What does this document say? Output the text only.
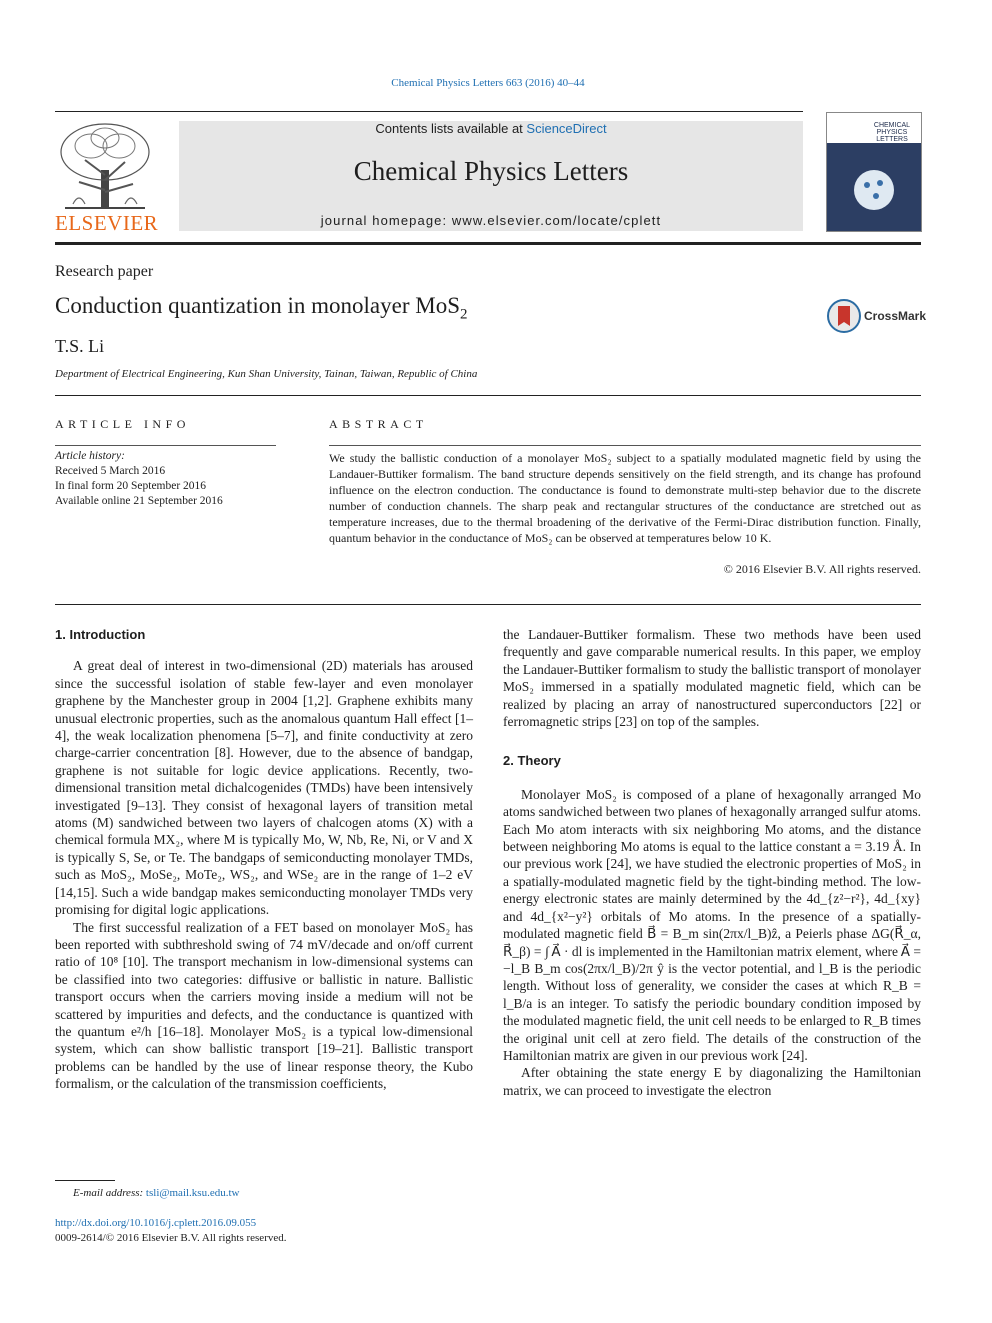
Chemical Physics Letters 663 (2016) 40–44
ELSEVIER
Contents lists available at ScienceDirect
Chemical Physics Letters
journal homepage: www.elsevier.com/locate/cplett
CHEMICAL PHYSICS LETTERS
Research paper
Conduction quantization in monolayer MoS$_2$
T.S. Li
Department of Electrical Engineering, Kun Shan University, Tainan, Taiwan, Republic of China
CrossMark
ARTICLE INFO
Article history:
Received 5 March 2016
In final form 20 September 2016
Available online 21 September 2016
ABSTRACT
We study the ballistic conduction of a monolayer MoS₂ subject to a spatially modulated magnetic field by using the Landauer-Buttiker formalism. The band structure depends sensitively on the field strength, and its change has profound influence on the electron conduction. The conductance is found to demonstrate multi-step behavior due to the discrete number of conduction channels. The sharp peak and rectangular structures of the conductance are stretched out as temperature increases, due to the thermal broadening of the derivative of the Fermi-Dirac distribution function. Finally, quantum behavior in the conductance of MoS₂ can be observed at temperatures below 10 K.
© 2016 Elsevier B.V. All rights reserved.
1. Introduction

A great deal of interest in two-dimensional (2D) materials has aroused since the successful isolation of stable few-layer and even monolayer graphene by the Manchester group in 2004 [1,2]. Graphene exhibits many unusual electronic properties, such as the anomalous quantum Hall effect [1–4], the weak localization phenomena [5–7], and finite conductivity at zero charge-carrier concentration [8]. However, due to the absence of bandgap, graphene is not suitable for logic device applications. Recently, two-dimensional transition metal dichalcogenides (TMDs) have been intensively investigated [9–13]. They consist of hexagonal layers of transition metal atoms (M) sandwiched between two layers of chalcogen atoms (X) with a chemical formula MX₂, where M is typically Mo, W, Nb, Re, Ni, or V and X is typically S, Se, or Te. The bandgaps of semiconducting monolayer TMDs, such as MoS₂, MoSe₂, MoTe₂, WS₂, and WSe₂ are in the range of 1–2 eV [14,15]. Such a wide bandgap makes semiconducting monolayer TMDs very promising for digital logic applications.

The first successful realization of a FET based on monolayer MoS₂ has been reported with subthreshold swing of 74 mV/decade and on/off current ratio of 10⁸ [10]. The transport mechanism in low-dimensional systems can be classified into two categories: diffusive or ballistic in nature. Ballistic transport occurs when the carriers moving inside a medium will not be scattered by impurities and defects, and the conductance is quantized with the quantum e²/h [16–18]. Monolayer MoS₂ is a typical low-dimensional system, which can show ballistic transport [19–21]. Ballistic transport problems can be handled by the use of linear response theory, the Kubo formalism, or the calculation of the transmission coefficients,

the Landauer-Buttiker formalism. These two methods have been used frequently and gave comparable numerical results. In this paper, we employ the Landauer-Buttiker formalism to study the ballistic transport of monolayer MoS₂ immersed in a spatially modulated magnetic field, which can be realized by placing an array of nanostructured superconductors [22] or ferromagnetic strips [23] on top of the samples.

2. Theory

Monolayer MoS₂ is composed of a plane of hexagonally arranged Mo atoms sandwiched between two planes of hexagonally arranged sulfur atoms. Each Mo atom interacts with six neighboring Mo atoms, and the distance between neighboring Mo atoms is equal to the lattice constant a = 3.19 Å. In our previous work [24], we have studied the electronic properties of MoS₂ in a spatially-modulated magnetic field by the tight-binding method. The low-energy electronic states are mainly determined by the 4d_{z²−r²}, 4d_{xy} and 4d_{x²−y²} orbitals of Mo atoms. In the presence of a spatially-modulated magnetic field B⃗ = B_m sin(2πx/l_B)ẑ, a Peierls phase ΔG(R⃗_α, R⃗_β) = ∫ A⃗ · dl is implemented in the Hamiltonian matrix element, where A⃗ = −l_B B_m cos(2πx/l_B)/2π ŷ is the vector potential, and l_B is the periodic length. Without loss of generality, we consider the cases at which R_B = l_B/a is an integer. To satisfy the periodic boundary condition imposed by the modulated magnetic field, the unit cell needs to be enlarged to R_B times the original unit cell at zero field. The details of the construction of the Hamiltonian matrix are given in our previous work [24].

After obtaining the state energy E by diagonalizing the Hamiltonian matrix, we can proceed to investigate the electron

E-mail address: tsli@mail.ksu.edu.tw
http://dx.doi.org/10.1016/j.cplett.2016.09.055
0009-2614/© 2016 Elsevier B.V. All rights reserved.
